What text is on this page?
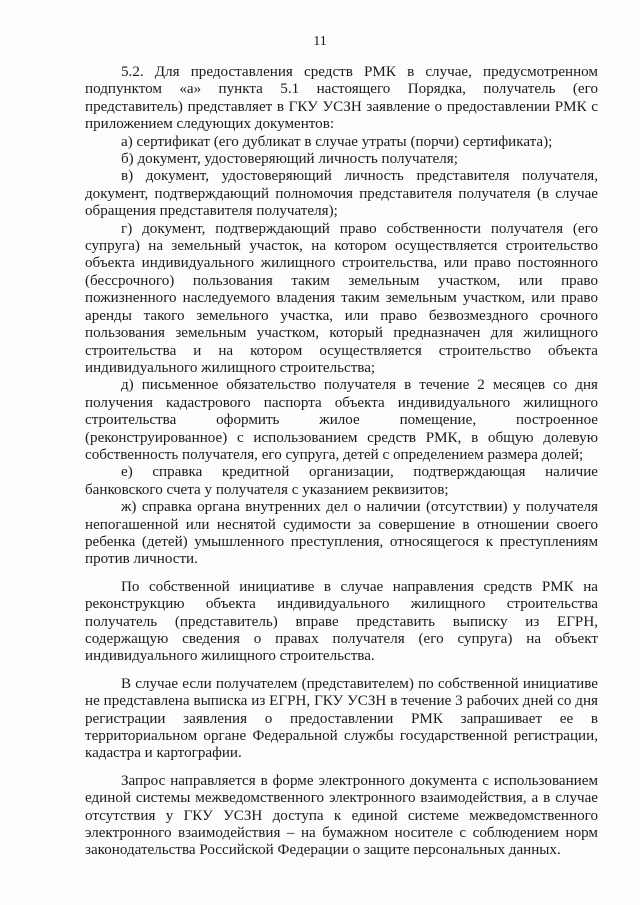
11

5.2. Для предоставления средств РМК в случае, предусмотренном подпунктом «а» пункта 5.1 настоящего Порядка, получатель (его представитель) представляет в ГКУ УСЗН заявление о предоставлении РМК с приложением следующих документов:

а) сертификат (его дубликат в случае утраты (порчи) сертификата);

б) документ, удостоверяющий личность получателя;

в) документ, удостоверяющий личность представителя получателя, документ, подтверждающий полномочия представителя получателя (в случае обращения представителя получателя);

г) документ, подтверждающий право собственности получателя (его супруга) на земельный участок, на котором осуществляется строительство объекта индивидуального жилищного строительства, или право постоянного (бессрочного) пользования таким земельным участком, или право пожизненного наследуемого владения таким земельным участком, или право аренды такого земельного участка, или право безвозмездного срочного пользования земельным участком, который предназначен для жилищного строительства и на котором осуществляется строительство объекта индивидуального жилищного строительства;

д) письменное обязательство получателя в течение 2 месяцев со дня получения кадастрового паспорта объекта индивидуального жилищного строительства оформить жилое помещение, построенное (реконструированное) с использованием средств РМК, в общую долевую собственность получателя, его супруга, детей с определением размера долей;

е) справка кредитной организации, подтверждающая наличие банковского счета у получателя с указанием реквизитов;

ж) справка органа внутренних дел о наличии (отсутствии) у получателя непогашенной или неснятой судимости за совершение в отношении своего ребенка (детей) умышленного преступления, относящегося к преступлениям против личности.

По собственной инициативе в случае направления средств РМК на реконструкцию объекта индивидуального жилищного строительства получатель (представитель) вправе представить выписку из ЕГРН, содержащую сведения о правах получателя (его супруга) на объект индивидуального жилищного строительства.

В случае если получателем (представителем) по собственной инициативе не представлена выписка из ЕГРН, ГКУ УСЗН в течение 3 рабочих дней со дня регистрации заявления о предоставлении РМК запрашивает ее в территориальном органе Федеральной службы государственной регистрации, кадастра и картографии.

Запрос направляется в форме электронного документа с использованием единой системы межведомственного электронного взаимодействия, а в случае отсутствия у ГКУ УСЗН доступа к единой системе межведомственного электронного взаимодействия – на бумажном носителе с соблюдением норм законодательства Российской Федерации о защите персональных данных.
